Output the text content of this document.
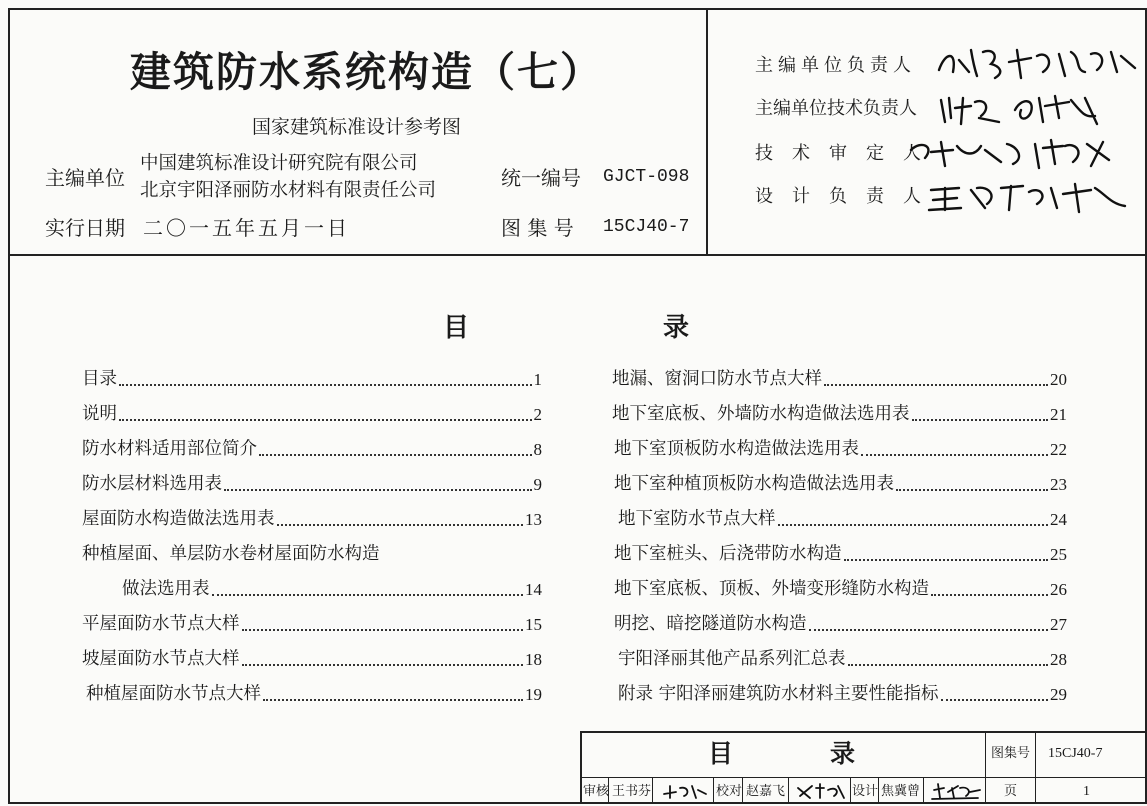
建筑防水系统构造（七）
国家建筑标准设计参考图
主编单位
中国建筑标准设计研究院有限公司
北京宇阳泽丽防水材料有限责任公司
统一编号 GJCT-098
实行日期 二〇一五年五月一日	图 集 号 15CJ40-7
主编单位负责人
主编单位技术负责人
技术审定人
设计负责人
目	录
目录	1
说明	2
防水材料适用部位简介	8
防水层材料选用表	9
屋面防水构造做法选用表	13
种植屋面、单层防水卷材屋面防水构造
做法选用表	14
平屋面防水节点大样	15
坡屋面防水节点大样	18
种植屋面防水节点大样	19
地漏、窗洞口防水节点大样	20
地下室底板、外墙防水构造做法选用表	21
地下室顶板防水构造做法选用表	22
地下室种植顶板防水构造做法选用表	23
地下室防水节点大样	24
地下室桩头、后浇带防水构造	25
地下室底板、顶板、外墙变形缝防水构造	26
明挖、暗挖隧道防水构造	27
宇阳泽丽其他产品系列汇总表	28
附录 宇阳泽丽建筑防水材料主要性能指标	29
目	录	图集号 15CJ40-7
审核 王书芬	校对 赵嘉飞	设计 焦冀曾	页	1
